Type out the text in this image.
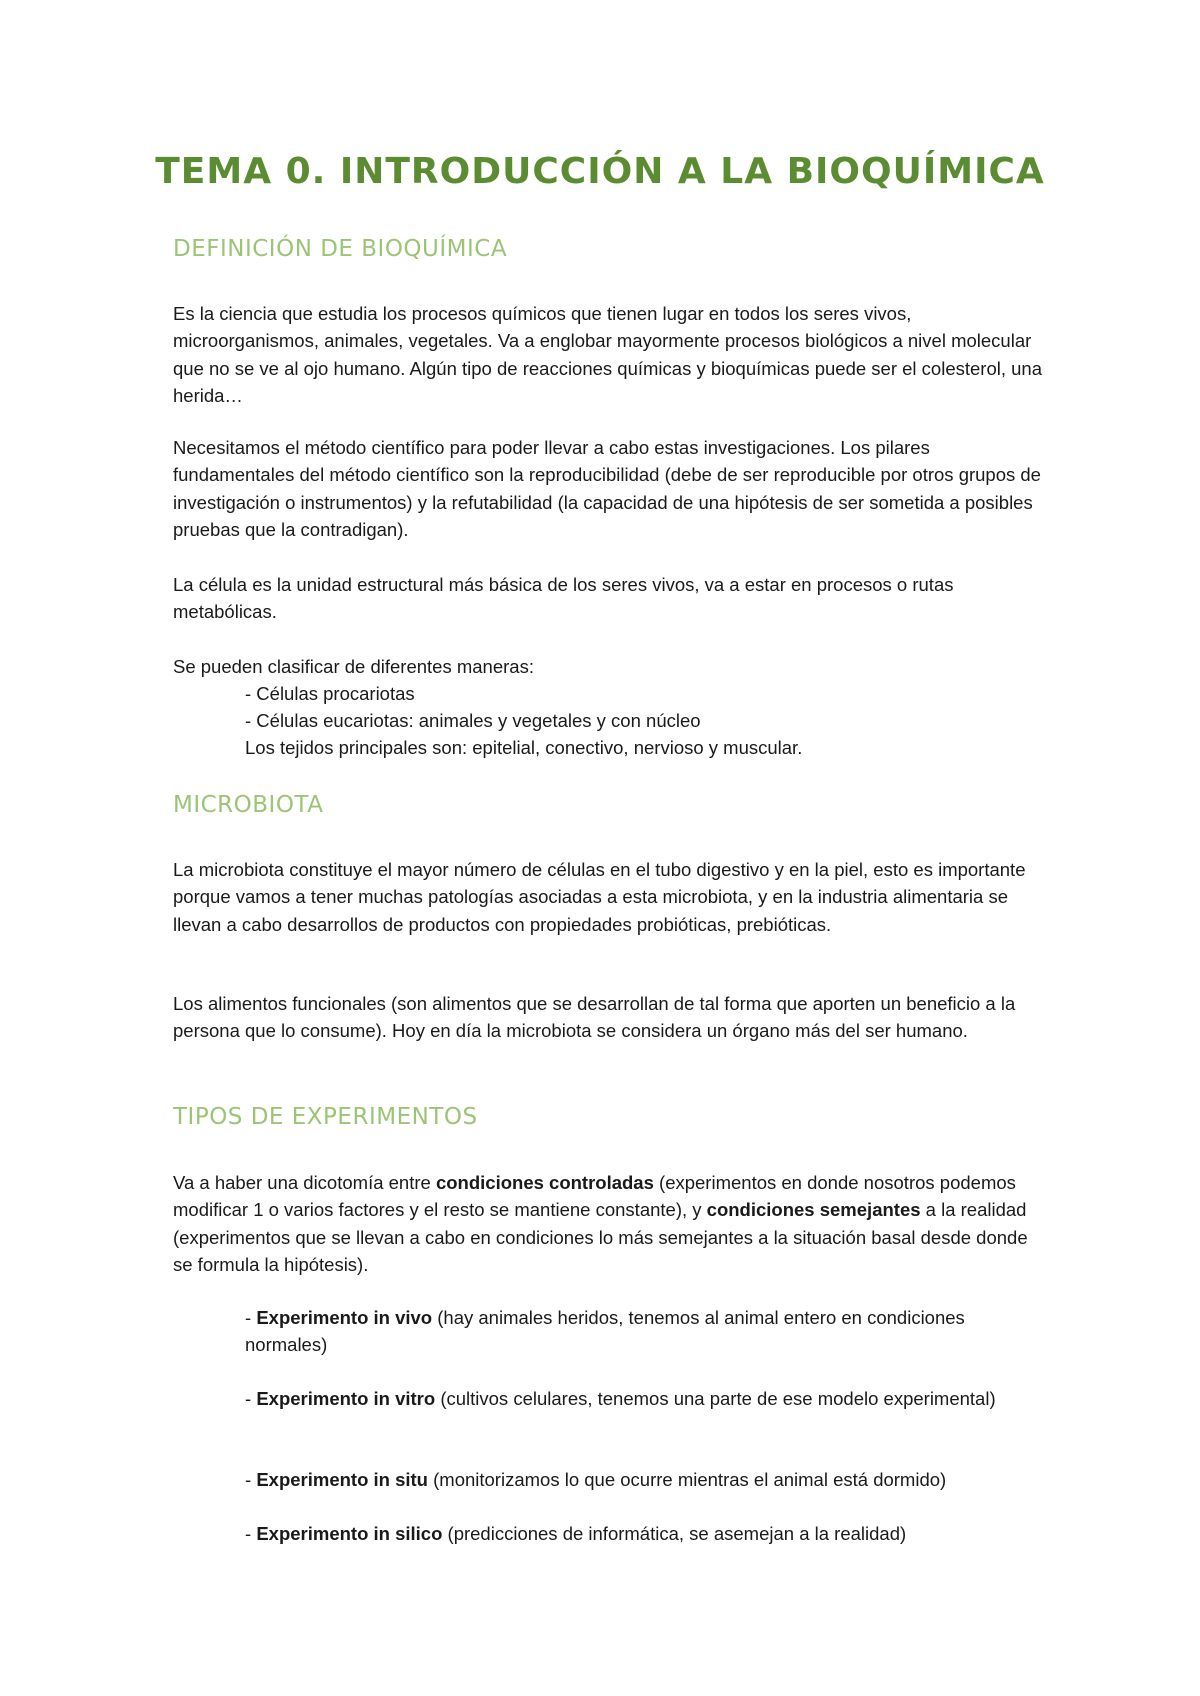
TEMA 0. INTRODUCCIÓN A LA BIOQUÍMICA
DEFINICIÓN DE BIOQUÍMICA

Es la ciencia que estudia los procesos químicos que tienen lugar en todos los seres vivos, microorganismos, animales, vegetales. Va a englobar mayormente procesos biológicos a nivel molecular que no se ve al ojo humano. Algún tipo de reacciones químicas y bioquímicas puede ser el colesterol, una herida…

Necesitamos el método científico para poder llevar a cabo estas investigaciones. Los pilares fundamentales del método científico son la reproducibilidad (debe de ser reproducible por otros grupos de investigación o instrumentos) y la refutabilidad (la capacidad de una hipótesis de ser sometida a posibles pruebas que la contradigan).

La célula es la unidad estructural más básica de los seres vivos, va a estar en procesos o rutas metabólicas.

Se pueden clasificar de diferentes maneras:

- Células procariotas

- Células eucariotas: animales y vegetales y con núcleo

Los tejidos principales son: epitelial, conectivo, nervioso y muscular.

MICROBIOTA

La microbiota constituye el mayor número de células en el tubo digestivo y en la piel, esto es importante porque vamos a tener muchas patologías asociadas a esta microbiota, y en la industria alimentaria se llevan a cabo desarrollos de productos con propiedades probióticas, prebióticas.

Los alimentos funcionales (son alimentos que se desarrollan de tal forma que aporten un beneficio a la persona que lo consume). Hoy en día la microbiota se considera un órgano más del ser humano.

TIPOS DE EXPERIMENTOS

Va a haber una dicotomía entre condiciones controladas (experimentos en donde nosotros podemos modificar 1 o varios factores y el resto se mantiene constante), y condiciones semejantes a la realidad (experimentos que se llevan a cabo en condiciones lo más semejantes a la situación basal desde donde se formula la hipótesis).

- Experimento in vivo (hay animales heridos, tenemos al animal entero en condiciones normales)

- Experimento in vitro (cultivos celulares, tenemos una parte de ese modelo experimental)

- Experimento in situ (monitorizamos lo que ocurre mientras el animal está dormido)

- Experimento in silico (predicciones de informática, se asemejan a la realidad)
